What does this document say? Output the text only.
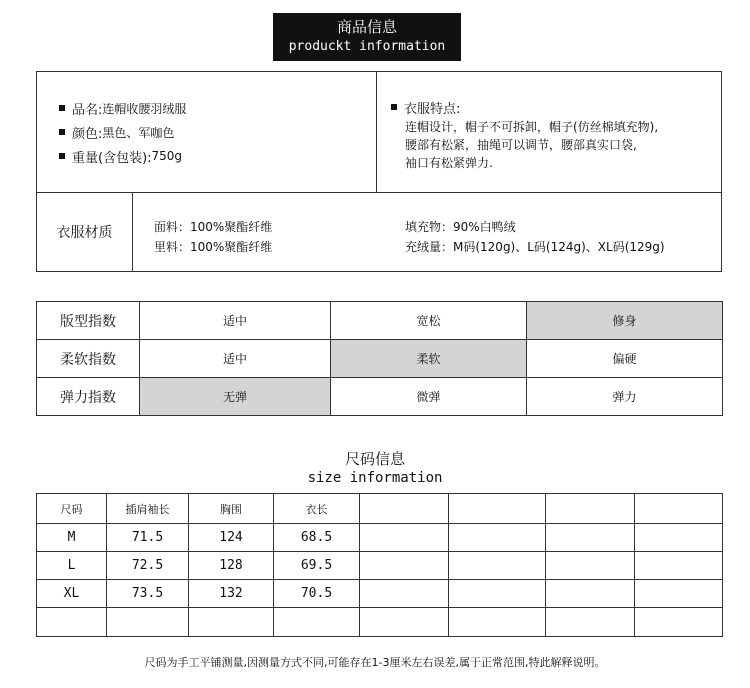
商品信息
produckt information
品名: 连帽收腰羽绒服
颜色: 黑色、军咖色
重量(含包装): 750g
衣服特点:
连帽设计，帽子不可拆卸，帽子(仿丝棉填充物),
腰部有松紧，抽绳可以调节，腰部真实口袋,
袖口有松紧弹力.
衣服材质	面料：100%聚酯纤维
里料：100%聚酯纤维
填充物：90%白鸭绒
充绒量：M码(120g)、L码(124g)、XL码(129g)
版型指数	适中	宽松	修身
柔软指数	适中	柔软	偏硬
弹力指数	无弹	微弹	弹力
尺码信息
size information
尺码	插肩袖长	胸围	衣长				
M	71.5	124	68.5				
L	72.5	128	69.5				
XL	73.5	132	70.5				

尺码为手工平铺测量,因测量方式不同,可能存在1-3厘米左右误差,属于正常范围,特此解释说明。
